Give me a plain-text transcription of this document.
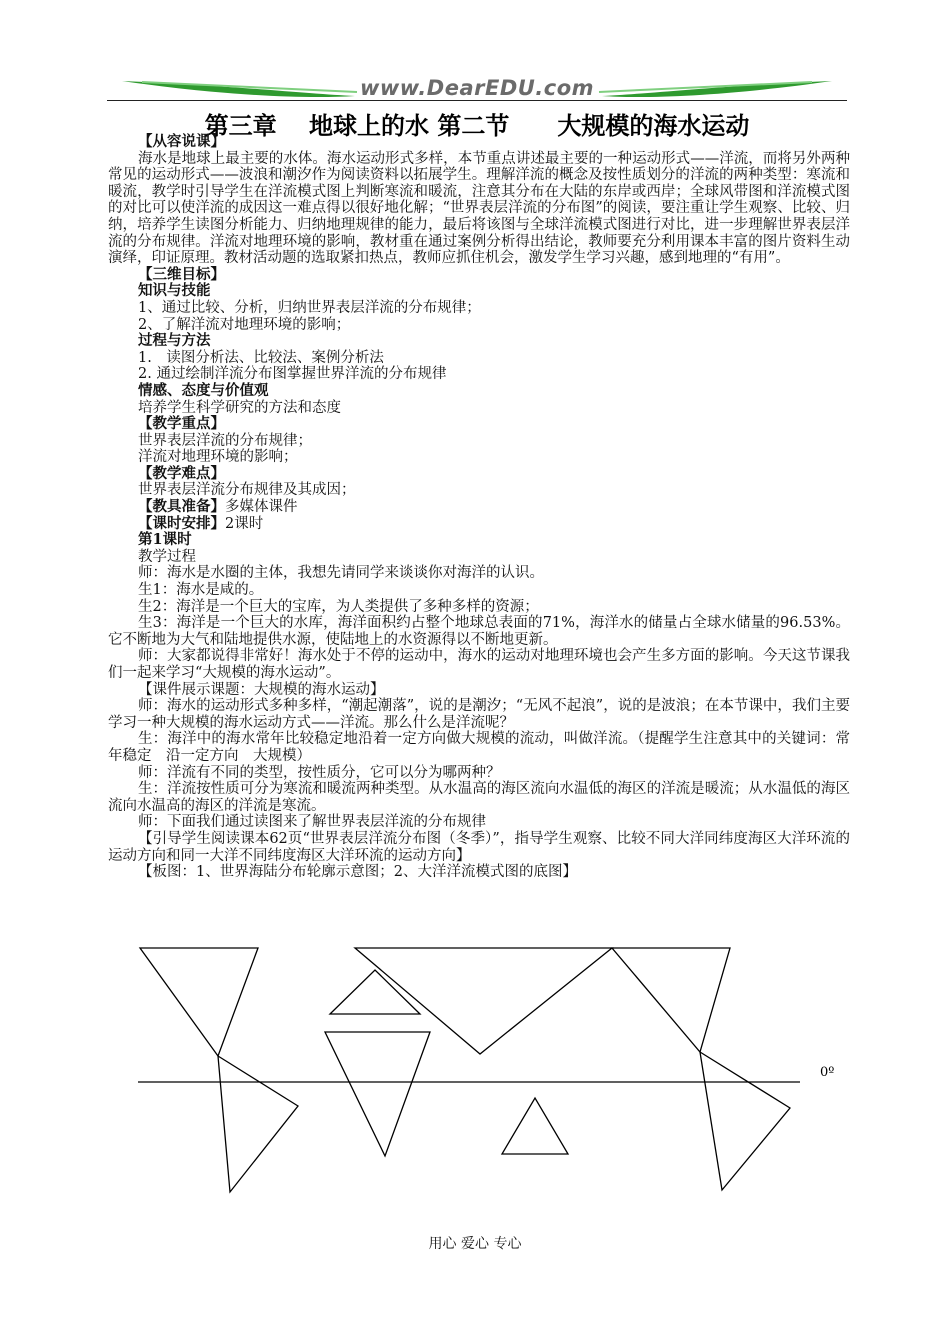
www.DearEDU.com
第三章　 地球上的水 第二节　　大规模的海水运动

【从容说课】

海水是地球上最主要的水体。海水运动形式多样，本节重点讲述最主要的一种运动形式——洋流，而将另外两种常见的运动形式——波浪和潮汐作为阅读资料以拓展学生。理解洋流的概念及按性质划分的洋流的两种类型：寒流和暖流，教学时引导学生在洋流模式图上判断寒流和暖流，注意其分布在大陆的东岸或西岸；全球风带图和洋流模式图的对比可以使洋流的成因这一难点得以很好地化解；“世界表层洋流的分布图”的阅读，要注重让学生观察、比较、归纳，培养学生读图分析能力、归纳地理规律的能力，最后将该图与全球洋流模式图进行对比，进一步理解世界表层洋流的分布规律。洋流对地理环境的影响，教材重在通过案例分析得出结论，教师要充分利用课本丰富的图片资料生动演绎，印证原理。教材活动题的选取紧扣热点，教师应抓住机会，激发学生学习兴趣，感到地理的“有用”。

【三维目标】

知识与技能

1、通过比较、分析，归纳世界表层洋流的分布规律；

2、了解洋流对地理环境的影响；

过程与方法

1.　读图分析法、比较法、案例分析法

2. 通过绘制洋流分布图掌握世界洋流的分布规律

情感、态度与价值观

培养学生科学研究的方法和态度

【教学重点】

世界表层洋流的分布规律；

洋流对地理环境的影响；

【教学难点】

世界表层洋流分布规律及其成因；

【教具准备】多媒体课件

【课时安排】2课时

第1课时

教学过程

师：海水是水圈的主体，我想先请同学来谈谈你对海洋的认识。

生1：海水是咸的。

生2：海洋是一个巨大的宝库，为人类提供了多种多样的资源；

生3：海洋是一个巨大的水库，海洋面积约占整个地球总表面的71%，海洋水的储量占全球水储量的96.53%。它不断地为大气和陆地提供水源，使陆地上的水资源得以不断地更新。

师：大家都说得非常好！海水处于不停的运动中，海水的运动对地理环境也会产生多方面的影响。今天这节课我们一起来学习“大规模的海水运动”。

【课件展示课题：大规模的海水运动】

师：海水的运动形式多种多样，“潮起潮落”，说的是潮汐；“无风不起浪”，说的是波浪；在本节课中，我们主要学习一种大规模的海水运动方式——洋流。那么什么是洋流呢？

生：海洋中的海水常年比较稳定地沿着一定方向做大规模的流动，叫做洋流。（提醒学生注意其中的关键词：常年稳定　沿一定方向　大规模）

师：洋流有不同的类型，按性质分，它可以分为哪两种？

生：洋流按性质可分为寒流和暖流两种类型。从水温高的海区流向水温低的海区的洋流是暖流；从水温低的海区流向水温高的海区的洋流是寒流。

师：下面我们通过读图来了解世界表层洋流的分布规律

【引导学生阅读课本62页“世界表层洋流分布图（冬季）”，指导学生观察、比较不同大洋同纬度海区大洋环流的运动方向和同一大洋不同纬度海区大洋环流的运动方向】

【板图：1、世界海陆分布轮廓示意图；2、大洋洋流模式图的底图】

0º
用心 爱心 专心
